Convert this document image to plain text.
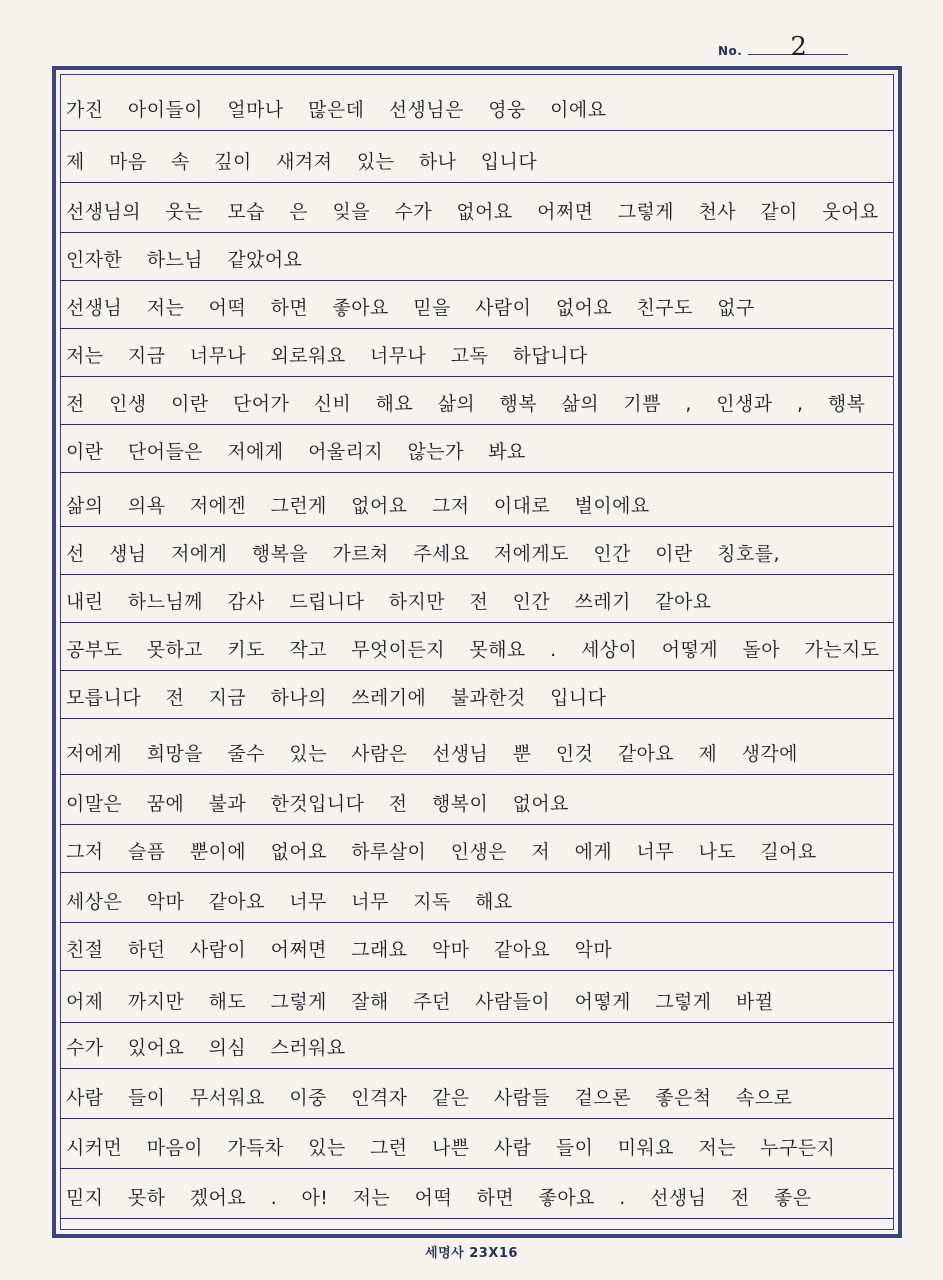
No. 2
가진 아이들이 얼마나 많은데 선생님은 영웅 이에요
제 마음 속 깊이 새겨져 있는 하나 입니다
선생님의 웃는 모습 은 잊을 수가 없어요 어쩌면 그렇게 천사 같이 웃어요
인자한 하느님 같았어요
선생님 저는 어떡 하면 좋아요 믿을 사람이 없어요 친구도 없구
저는 지금 너무나 외로워요 너무나 고독 하답니다
전 인생 이란 단어가 신비 해요 삶의 행복 삶의 기쁨 , 인생과 , 행복
이란 단어들은 저에게 어울리지 않는가 봐요
삶의 의욕 저에겐 그런게 없어요 그저 이대로 벌이에요
선 생님 저에게 행복을 가르쳐 주세요 저에게도 인간 이란 칭호를,
내린 하느님께 감사 드립니다 하지만 전 인간 쓰레기 같아요
공부도 못하고 키도 작고 무엇이든지 못해요 . 세상이 어떻게 돌아 가는지도
모릅니다 전 지금 하나의 쓰레기에 불과한것 입니다
저에게 희망을 줄수 있는 사람은 선생님 뿐 인것 같아요 제 생각에
이말은 꿈에 불과 한것입니다 전 행복이 없어요
그저 슬픔 뿐이에 없어요 하루살이 인생은 저 에게 너무 나도 길어요
세상은 악마 같아요 너무 너무 지독 해요
친절 하던 사람이 어쩌면 그래요 악마 같아요 악마
어제 까지만 해도 그렇게 잘해 주던 사람들이 어떻게 그렇게 바뀔
수가 있어요 의심 스러워요
사람 들이 무서워요 이중 인격자 같은 사람들 겉으론 좋은척 속으로
시커먼 마음이 가득차 있는 그런 나쁜 사람 들이 미워요 저는 누구든지
믿지 못하 겠어요 . 아! 저는 어떡 하면 좋아요 . 선생님 전 좋은
세명사 23X16
